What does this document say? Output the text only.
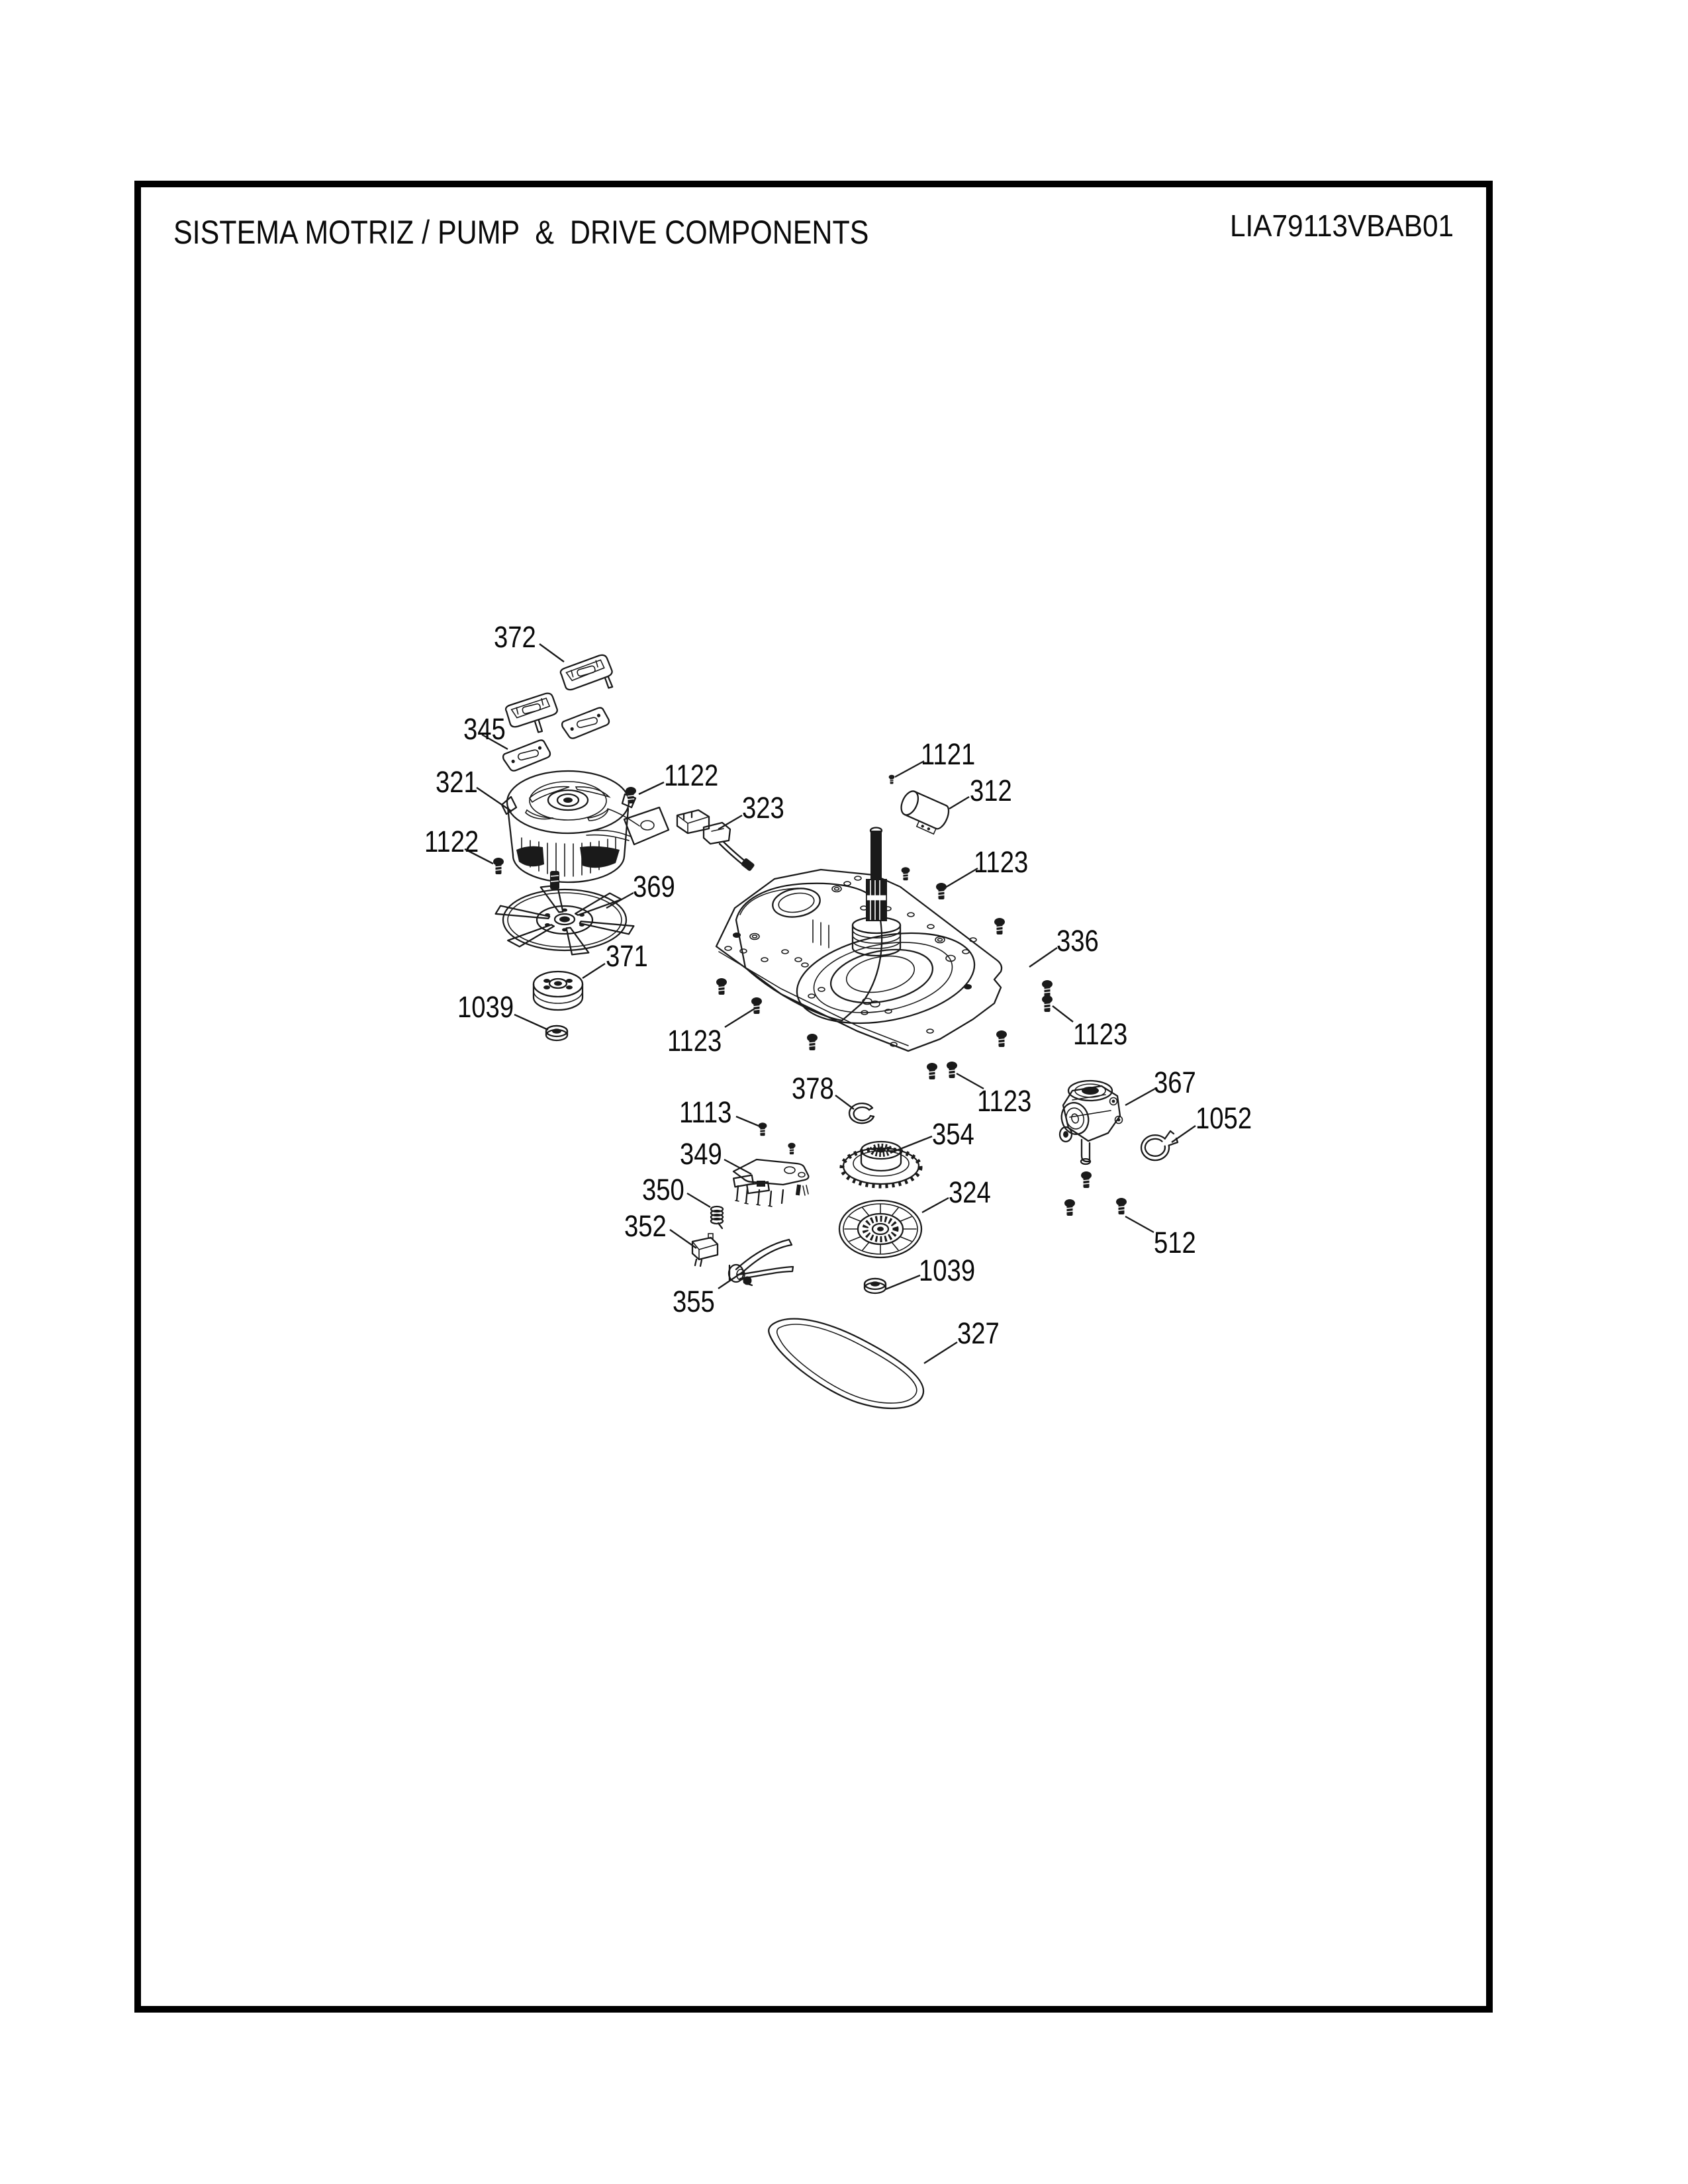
SISTEMA MOTRIZ / PUMP  &  DRIVE COMPONENTS	LIA79113VBAB01
372
345
321	1122
323
1122
369
371
1039
1121
312
1123
336
1123
1123
1123
378
1113
354
349
350
352
355
324
1039
327
367
1052
512
